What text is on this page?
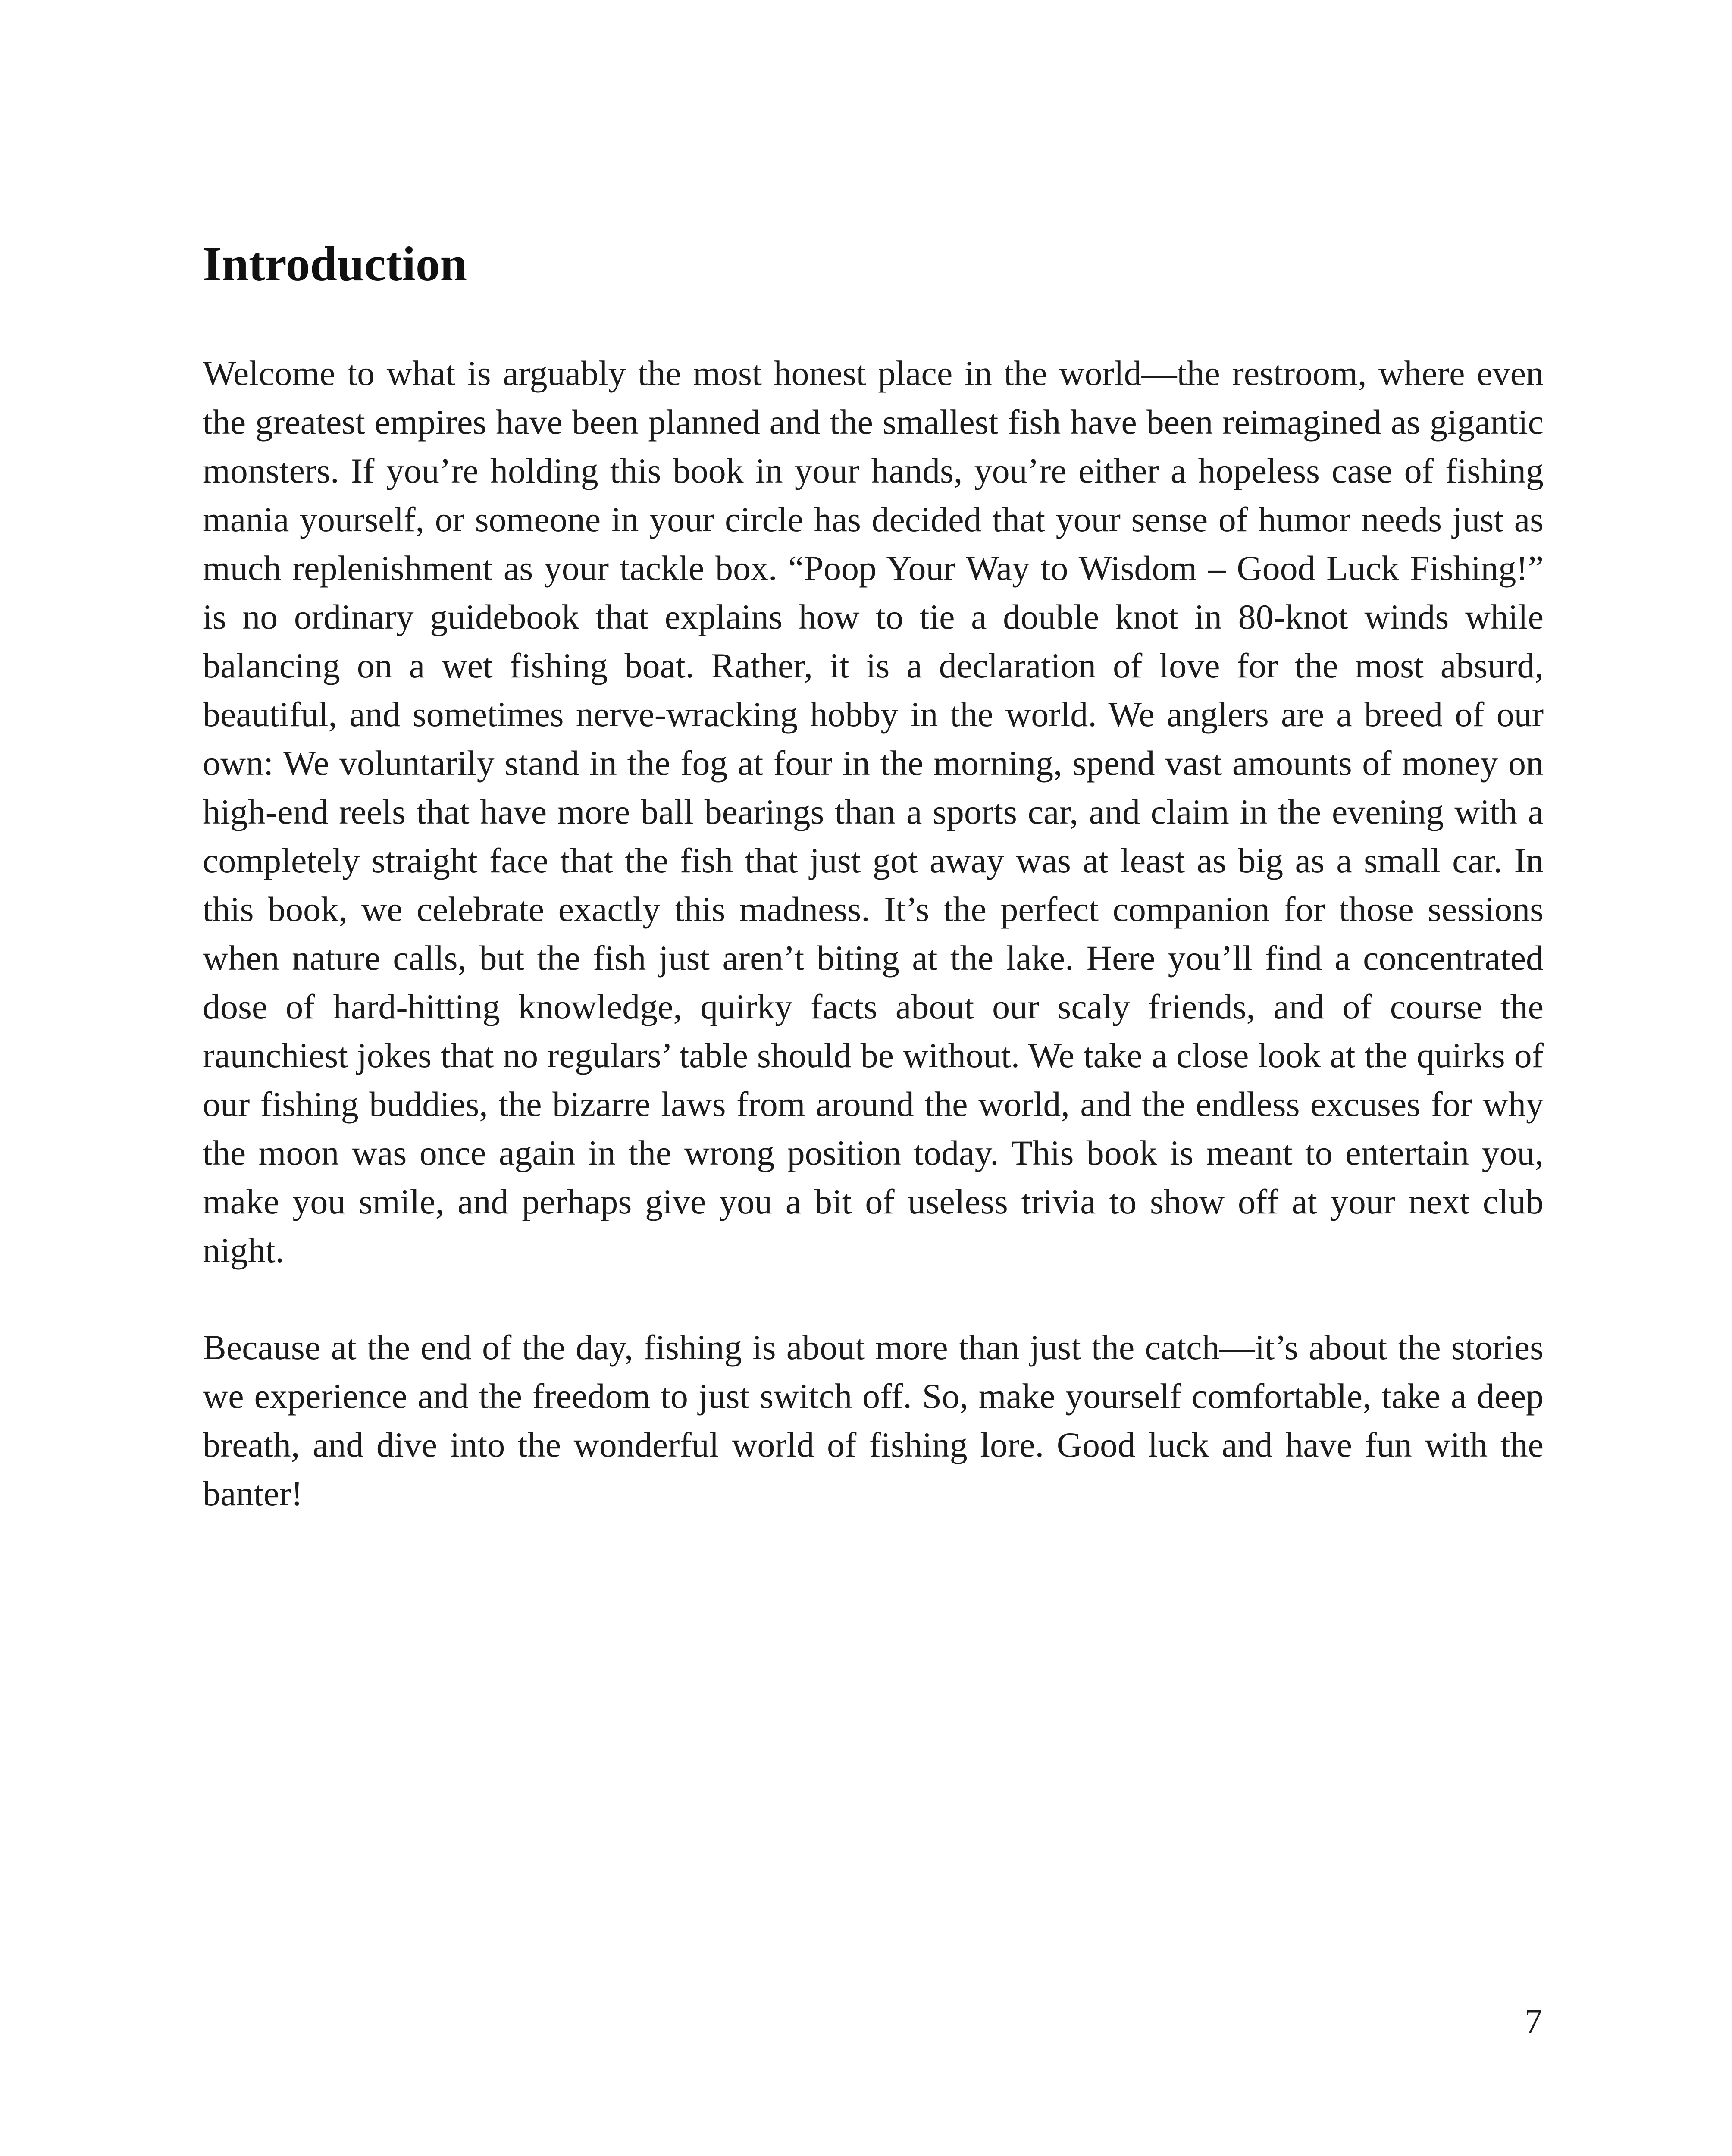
Introduction

Welcome to what is arguably the most honest place in the world—the restroom, where even the greatest empires have been planned and the smallest fish have been reimagined as gigantic monsters. If you’re holding this book in your hands, you’re either a hopeless case of fishing mania yourself, or someone in your circle has decided that your sense of humor needs just as much replenishment as your tackle box. “Poop Your Way to Wisdom – Good Luck Fishing!” is no ordinary guidebook that explains how to tie a double knot in 80-knot winds while balancing on a wet fishing boat. Rather, it is a declaration of love for the most absurd, beautiful, and sometimes nerve-wracking hobby in the world. We anglers are a breed of our own: We voluntarily stand in the fog at four in the morning, spend vast amounts of money on high-end reels that have more ball bearings than a sports car, and claim in the evening with a completely straight face that the fish that just got away was at least as big as a small car. In this book, we celebrate exactly this madness. It’s the perfect companion for those sessions when nature calls, but the fish just aren’t biting at the lake. Here you’ll find a concentrated dose of hard-hitting knowledge, quirky facts about our scaly friends, and of course the raunchiest jokes that no regulars’ table should be without. We take a close look at the quirks of our fishing buddies, the bizarre laws from around the world, and the endless excuses for why the moon was once again in the wrong position today. This book is meant to entertain you, make you smile, and perhaps give you a bit of useless trivia to show off at your next club night.

Because at the end of the day, fishing is about more than just the catch—it’s about the stories we experience and the freedom to just switch off. So, make yourself comfortable, take a deep breath, and dive into the wonderful world of fishing lore. Good luck and have fun with the banter!

7
